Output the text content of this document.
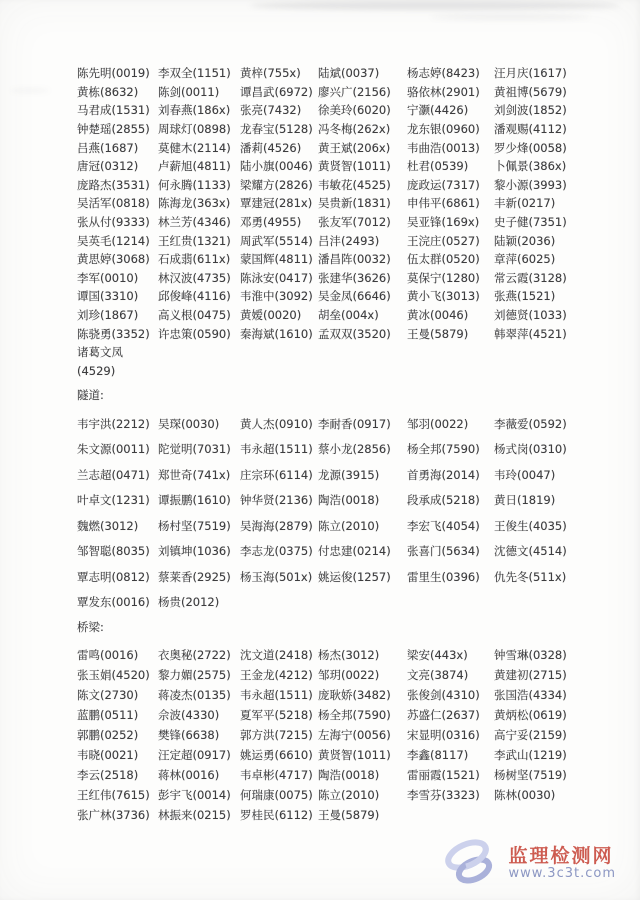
陈先明(0019) 李双全(1151) 黄梓(755x)	陆斌(0037)	杨志婷(8423)	汪月庆(1617)
黄栋(8632)	陈剑(0011)	谭昌武(6972) 廖兴广(2156)	骆依林(2901)	黄祖博(5679)
马君成(1531) 刘春燕(186x) 张亮(7432)	徐美玲(6020)	宁灏(4426)	刘剑波(1852)
钟楚瑶(2855) 周球灯(0898) 龙春宝(5128) 冯冬梅(262x)	龙东银(0960)	潘观赐(4112)
吕燕(1687)	莫健木(2114) 潘莉(4526)	黄王斌(206x)	韦曲浩(0013)	罗少烽(0058)
唐冠(0312)	卢薪旭(4811) 陆小旗(0046) 黄贤智(1011)	杜君(0539)	卜佩景(386x)
庞路杰(3531) 何永腾(1133) 梁耀方(2826) 韦敏花(4525)	庞政运(7317)	黎小源(3993)
吴活军(0818) 陈海龙(363x) 覃建冠(281x) 吴贵新(1831)	申伟平(6861)	丰新(0217)
张从付(9333) 林兰芳(4346) 邓勇(4955)	张友军(7012)	吴亚锋(169x)	史子健(7351)
吴英毛(1214) 王红贵(1321) 周武军(5514) 吕沣(2493)	王浣庄(0527)	陆颖(2036)
黄思婷(3068) 石成翡(611x) 蒙国辉(4811) 潘昌阵(0032)	伍太群(0520)	章萍(6025)
李军(0010)	林汉波(4735) 陈泳安(0417) 张建华(3626)	莫保宁(1280)	常云霞(3128)
谭国(3310)	邱俊峰(4116) 韦淮中(3092) 吴金凤(6646)	黄小飞(3013)	张燕(1521)
刘珍(1867)	高义根(0475) 黄嫒(0020)	胡垒(004x)	黄冰(0046)	刘德贤(1033)
陈骁勇(3352) 许忠策(0590) 秦海斌(1610) 孟双双(3520)	王曼(5879)	韩翠萍(4521)
诸葛文凤
(4529)
隧道:
韦宇洪(2212) 吴琛(0030)	黄人杰(0910) 李耐香(0917)	邹羽(0022)	李薇爱(0592)
朱文源(0011) 陀觉明(7031) 韦永超(1511) 蔡小龙(2856)	杨全邦(7590)	杨式岗(0310)
兰志超(0471) 郑世奇(741x) 庄宗环(6114) 龙源(3915)	首勇海(2014)	韦玲(0047)
叶卓文(1231) 谭振鹏(1610) 钟华贤(2136) 陶浩(0018)	段承成(5218)	黄日(1819)
魏燃(3012)	杨村坚(7519) 吴海海(2879) 陈立(2010)	李宏飞(4054)	王俊生(4035)
邹智聪(8035) 刘镇坤(1036) 李志龙(0375) 付忠建(0214)	张喜门(5634)	沈德文(4514)
覃志明(0812) 蔡莱香(2925) 杨玉海(501x) 姚运俊(1257)	雷里生(0396)	仇先冬(511x)
覃发东(0016) 杨贵(2012)
桥梁:
雷鸣(0016)	衣奥秘(2722) 沈文道(2418) 杨杰(3012)	梁安(443x)	钟雪琳(0328)
张玉娟(4520) 黎力媚(2575) 王金龙(4212) 邹玥(0022)	文亮(3874)	黄建初(2715)
陈文(2730)	蒋凌杰(0135) 韦永超(1511) 庞耿娇(3482)	张俊剑(4310)	张国浩(4334)
蓝鹏(0511)	佘波(4330)	夏军平(5218) 杨全邦(7590)	苏盛仁(2637)	黄炳松(0619)
郭鹏(0252)	樊锋(6638)	郭方洪(7215) 左海宁(0056)	宋显明(0316)	高宁妥(2159)
韦晓(0021)	汪定超(0917) 姚运勇(6610) 黄贤智(1011)	李鑫(8117)	李武山(1219)
李云(2518)	蒋林(0016)	韦卓彬(4717) 陶浩(0018)	雷丽霞(1521)	杨树坚(7519)
王红伟(7615) 彭宇飞(0014) 何瑞康(0075) 陈立(2010)	李雪芬(3323)	陈林(0030)
张广林(3736) 林振来(0215) 罗桂民(6112) 王曼(5879)
监理检测网
www.3c3t.com
